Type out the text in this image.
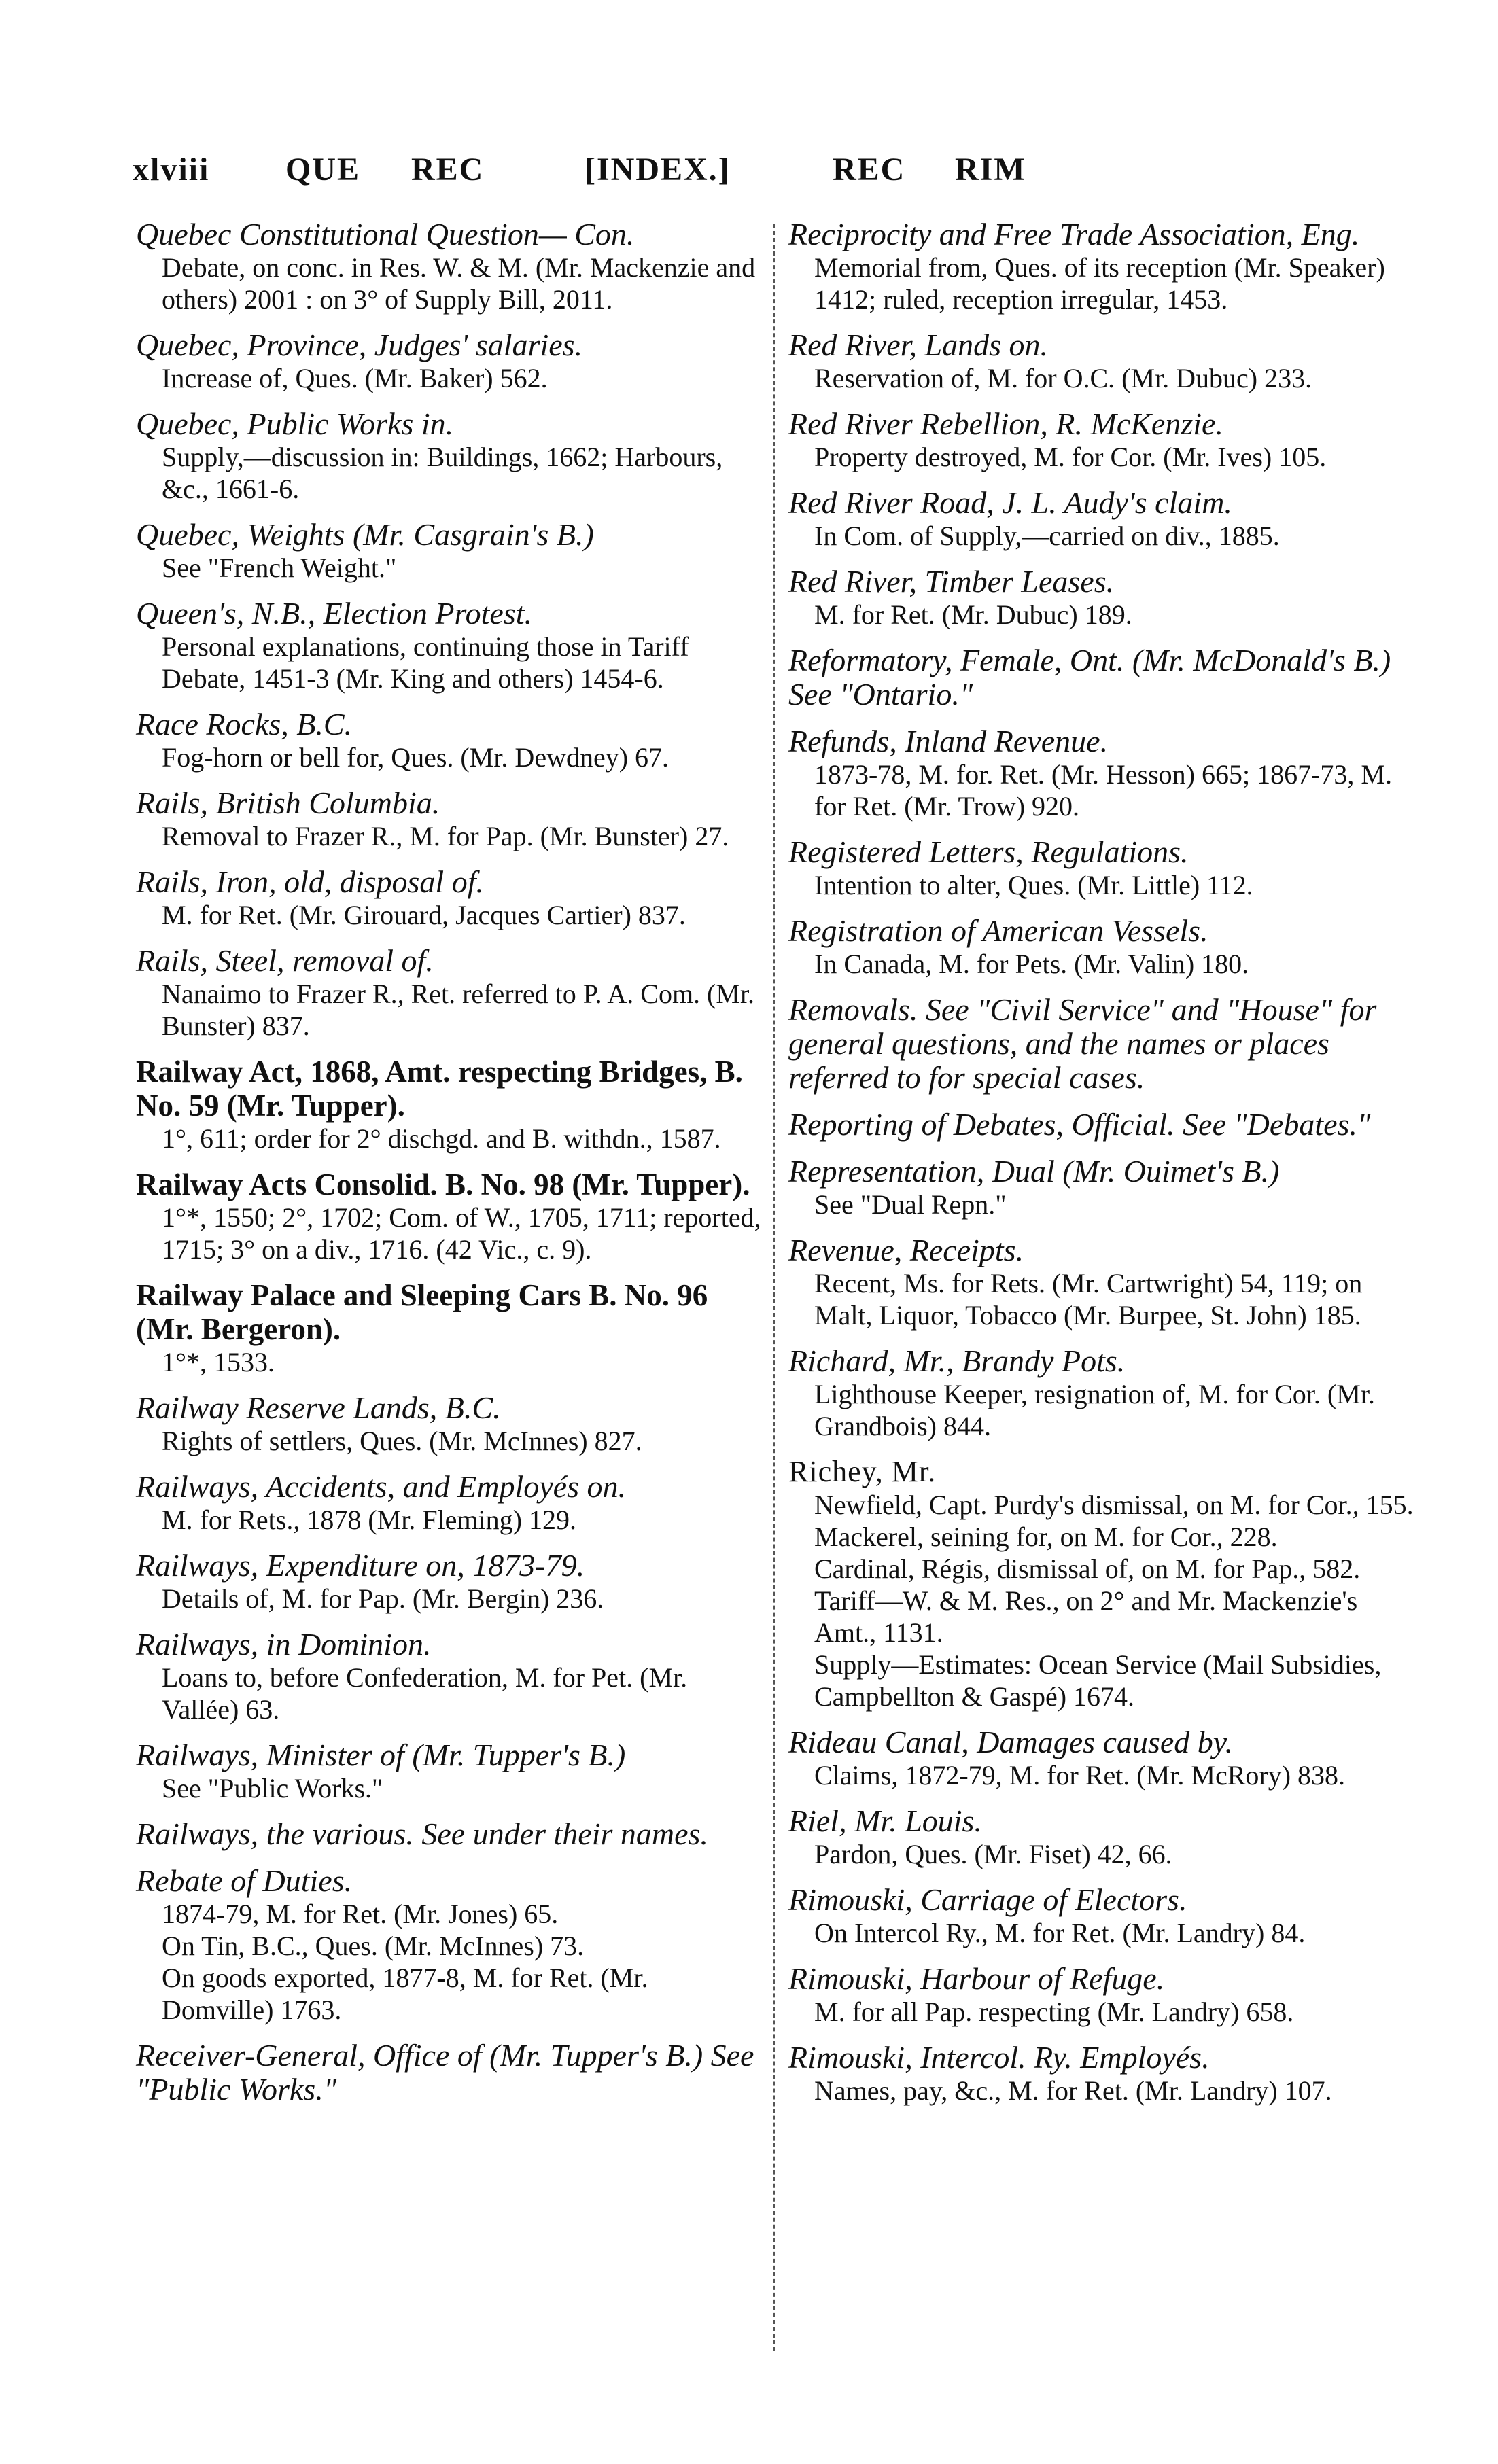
xlviii QUE REC	[INDEX.]	REC RIM
Quebec Constitutional Question— Con.
Debate, on conc. in Res. W. & M. (Mr. Mackenzie and others) 2001 : on 3° of Supply Bill, 2011.
Quebec, Province, Judges' salaries.
Increase of, Ques. (Mr. Baker) 562.
Quebec, Public Works in.
Supply,—discussion in: Buildings, 1662; Harbours, &c., 1661-6.
Quebec, Weights (Mr. Casgrain's B.)
See "French Weight."
Queen's, N.B., Election Protest.
Personal explanations, continuing those in Tariff Debate, 1451-3 (Mr. King and others) 1454-6.
Race Rocks, B.C.
Fog-horn or bell for, Ques. (Mr. Dewdney) 67.
Rails, British Columbia.
Removal to Frazer R., M. for Pap. (Mr. Bunster) 27.
Rails, Iron, old, disposal of.
M. for Ret. (Mr. Girouard, Jacques Cartier) 837.
Rails, Steel, removal of.
Nanaimo to Frazer R., Ret. referred to P. A. Com. (Mr. Bunster) 837.
Railway Act, 1868, Amt. respecting Bridges, B. No. 59 (Mr. Tupper).
1°, 611; order for 2° dischgd. and B. withdn., 1587.
Railway Acts Consolid. B. No. 98 (Mr. Tupper).
1°*, 1550; 2°, 1702; Com. of W., 1705, 1711; reported, 1715; 3° on a div., 1716. (42 Vic., c. 9).
Railway Palace and Sleeping Cars B. No. 96 (Mr. Bergeron).
1°*, 1533.
Railway Reserve Lands, B.C.
Rights of settlers, Ques. (Mr. McInnes) 827.
Railways, Accidents, and Employés on.
M. for Rets., 1878 (Mr. Fleming) 129.
Railways, Expenditure on, 1873-79.
Details of, M. for Pap. (Mr. Bergin) 236.
Railways, in Dominion.
Loans to, before Confederation, M. for Pet. (Mr. Vallée) 63.
Railways, Minister of (Mr. Tupper's B.)
See "Public Works."
Railways, the various. See under their names.
Rebate of Duties.
1874-79, M. for Ret. (Mr. Jones) 65.
On Tin, B.C., Ques. (Mr. McInnes) 73.
On goods exported, 1877-8, M. for Ret. (Mr. Domville) 1763.
Receiver-General, Office of (Mr. Tupper's B.) See "Public Works."
Reciprocity and Free Trade Association, Eng.
Memorial from, Ques. of its reception (Mr. Speaker) 1412; ruled, reception irregular, 1453.
Red River, Lands on.
Reservation of, M. for O.C. (Mr. Dubuc) 233.
Red River Rebellion, R. McKenzie.
Property destroyed, M. for Cor. (Mr. Ives) 105.
Red River Road, J. L. Audy's claim.
In Com. of Supply,—carried on div., 1885.
Red River, Timber Leases.
M. for Ret. (Mr. Dubuc) 189.
Reformatory, Female, Ont. (Mr. McDonald's B.) See "Ontario."
Refunds, Inland Revenue.
1873-78, M. for. Ret. (Mr. Hesson) 665; 1867-73, M. for Ret. (Mr. Trow) 920.
Registered Letters, Regulations.
Intention to alter, Ques. (Mr. Little) 112.
Registration of American Vessels.
In Canada, M. for Pets. (Mr. Valin) 180.
Removals. See "Civil Service" and "House" for general questions, and the names or places referred to for special cases.
Reporting of Debates, Official. See "Debates."
Representation, Dual (Mr. Ouimet's B.)
See "Dual Repn."
Revenue, Receipts.
Recent, Ms. for Rets. (Mr. Cartwright) 54, 119; on Malt, Liquor, Tobacco (Mr. Burpee, St. John) 185.
Richard, Mr., Brandy Pots.
Lighthouse Keeper, resignation of, M. for Cor. (Mr. Grandbois) 844.
Richey, Mr.
Newfield, Capt. Purdy's dismissal, on M. for Cor., 155.
Mackerel, seining for, on M. for Cor., 228.
Cardinal, Régis, dismissal of, on M. for Pap., 582.
Tariff—W. & M. Res., on 2° and Mr. Mackenzie's Amt., 1131.
Supply—Estimates: Ocean Service (Mail Subsidies, Campbellton & Gaspé) 1674.
Rideau Canal, Damages caused by.
Claims, 1872-79, M. for Ret. (Mr. McRory) 838.
Riel, Mr. Louis.
Pardon, Ques. (Mr. Fiset) 42, 66.
Rimouski, Carriage of Electors.
On Intercol Ry., M. for Ret. (Mr. Landry) 84.
Rimouski, Harbour of Refuge.
M. for all Pap. respecting (Mr. Landry) 658.
Rimouski, Intercol. Ry. Employés.
Names, pay, &c., M. for Ret. (Mr. Landry) 107.
